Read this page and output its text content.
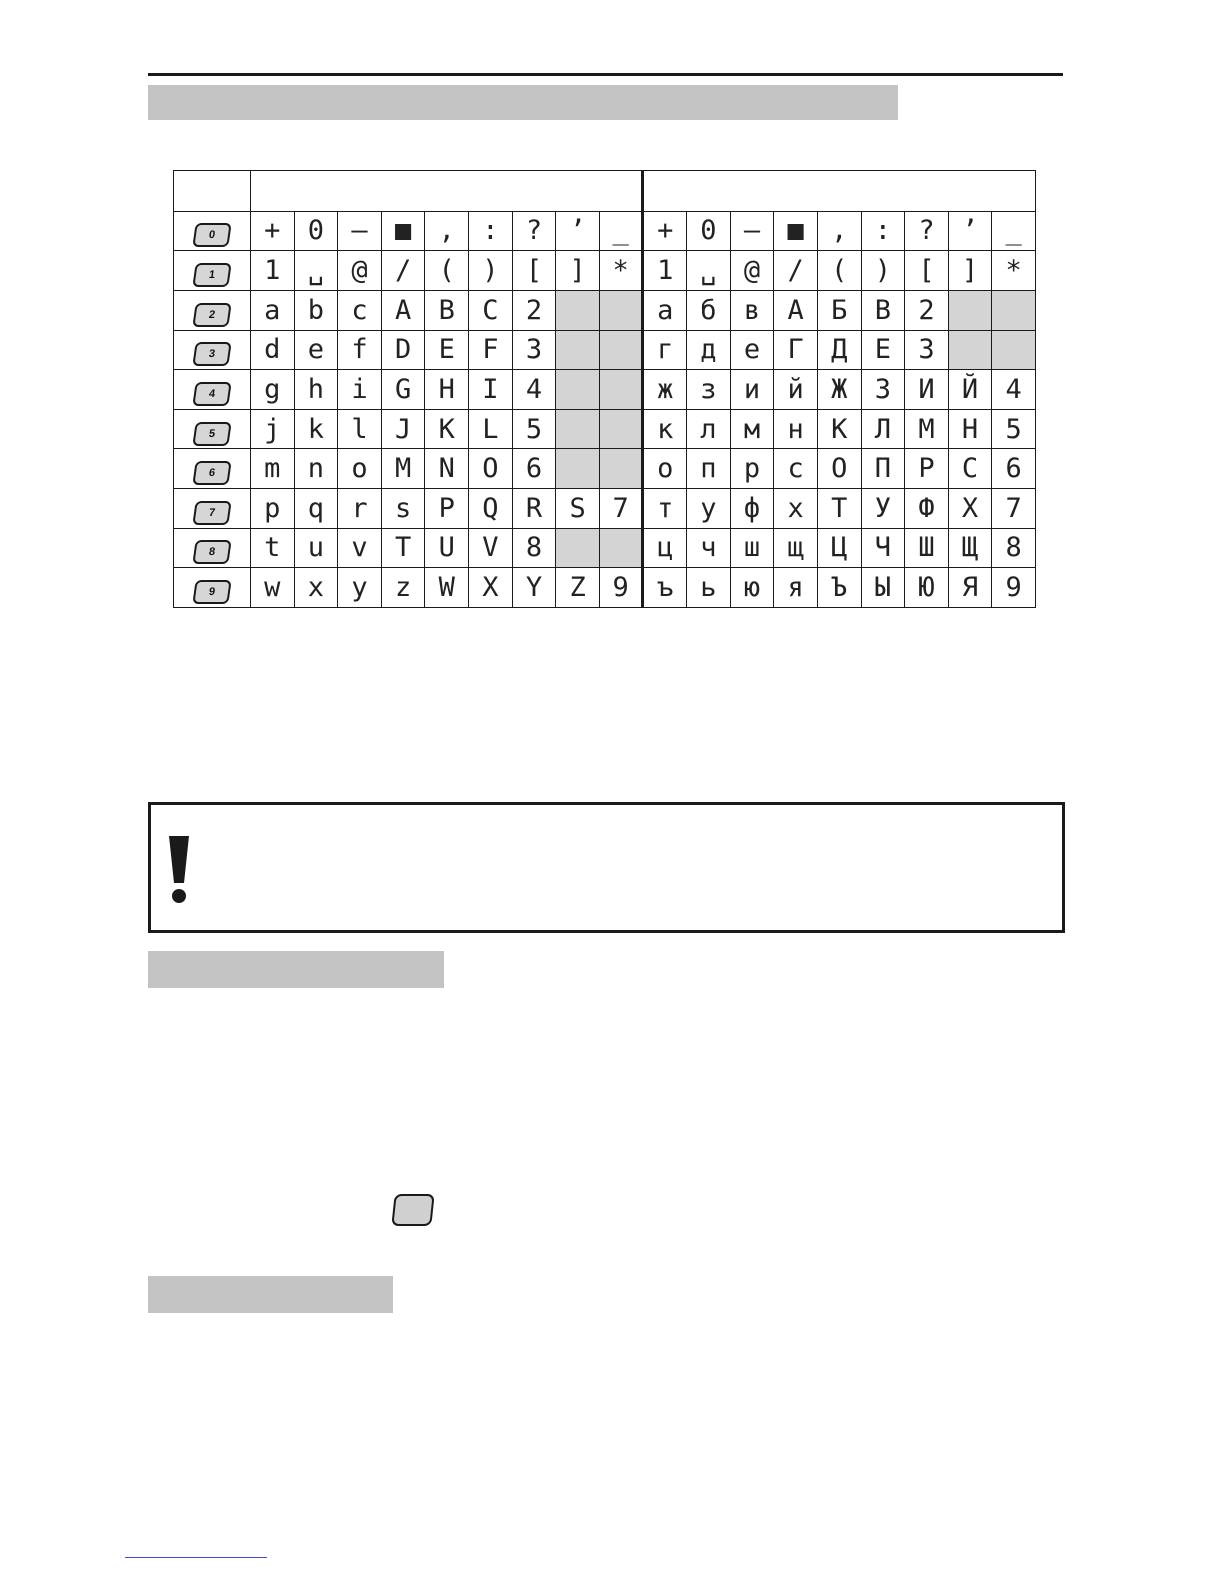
0	+	0	—	■	,	:	?	’	_	+	0	—	■	,	:	?	’	_
1	1	␣	@	/	(	)	[	]	*	1	␣	@	/	(	)	[	]	*
2	a	b	c	A	B	C	2			а	б	в	А	Б	В	2		
3	d	e	f	D	E	F	3			г	д	е	Г	Д	Е	3		
4	g	h	i	G	H	I	4			ж	з	и	й	Ж	З	И	Й	4
5	j	k	l	J	K	L	5			к	л	м	н	К	Л	М	Н	5
6	m	n	o	M	N	O	6			о	п	р	с	О	П	Р	С	6
7	p	q	r	s	P	Q	R	S	7	т	у	ф	х	Т	У	Ф	Х	7
8	t	u	v	T	U	V	8			ц	ч	ш	щ	Ц	Ч	Ш	Щ	8
9	w	x	y	z	W	X	Y	Z	9	ъ	ь	ю	я	Ъ	Ы	Ю	Я	9
